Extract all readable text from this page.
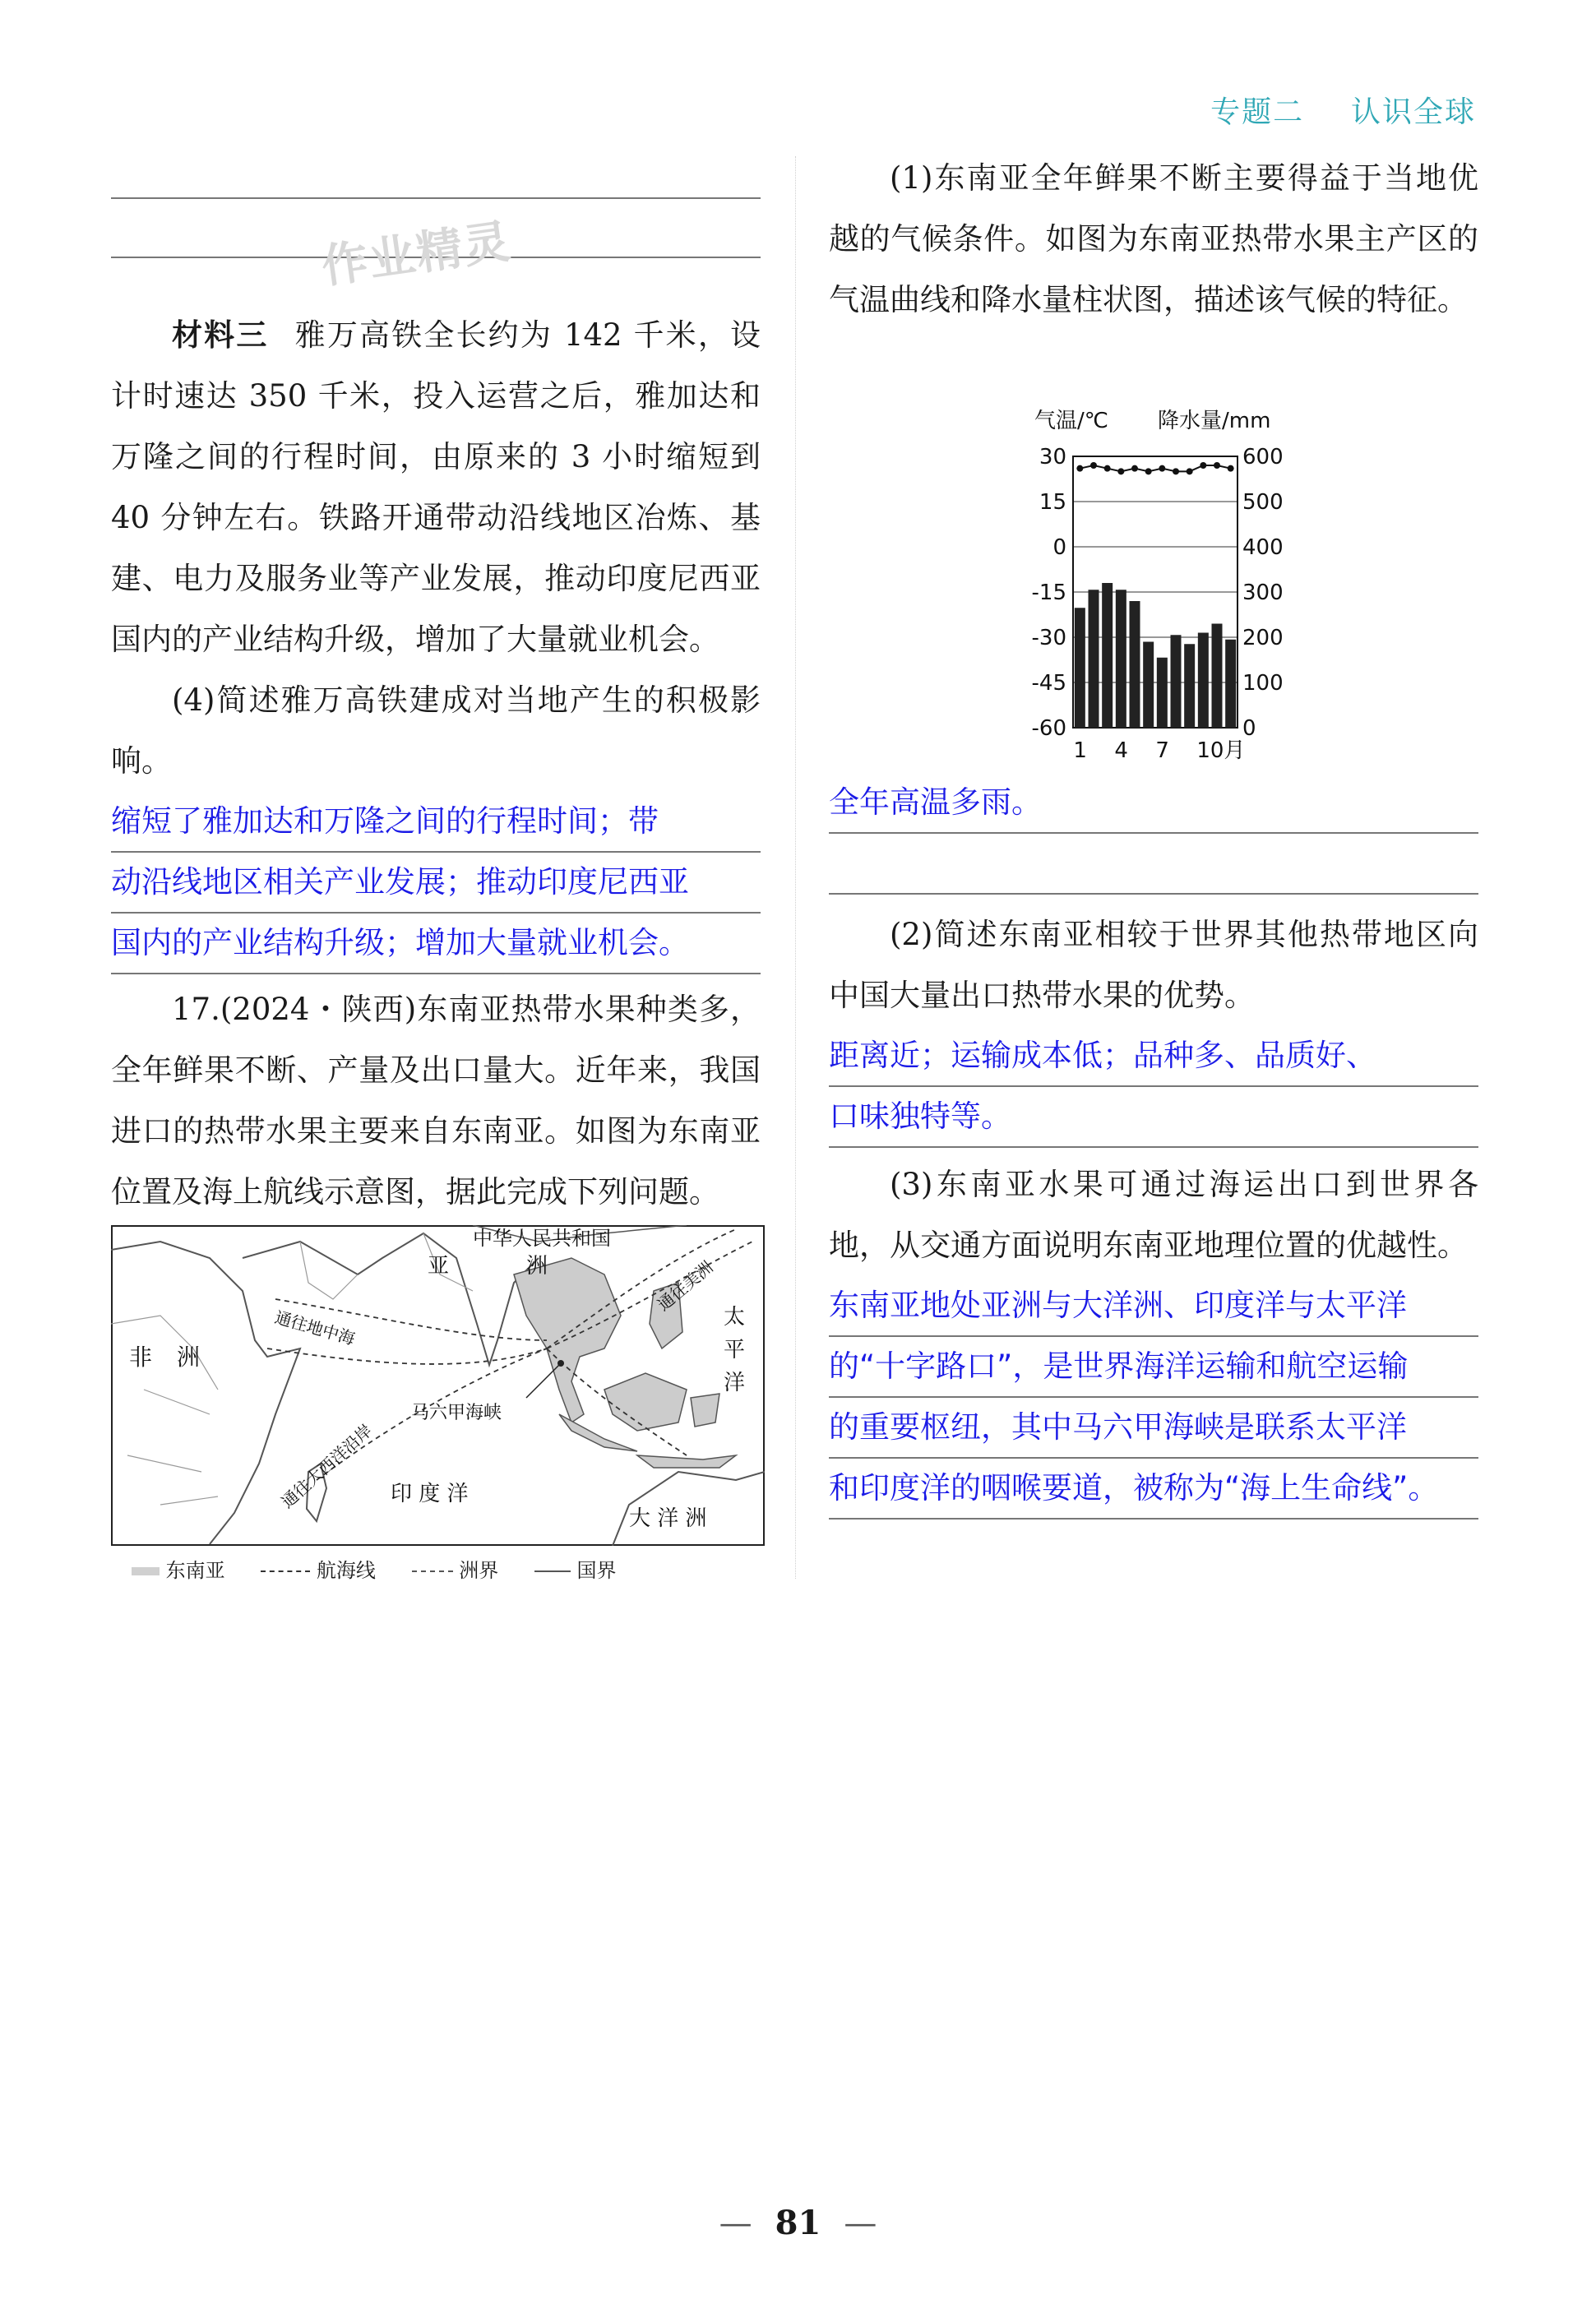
专题二 认识全球
作业精灵

材料三 雅万高铁全长约为 142 千米，设计时速达 350 千米，投入运营之后，雅加达和万隆之间的行程时间，由原来的 3 小时缩短到 40 分钟左右。铁路开通带动沿线地区冶炼、基建、电力及服务业等产业发展，推动印度尼西亚国内的产业结构升级，增加了大量就业机会。

(4)简述雅万高铁建成对当地产生的积极影响。

缩短了雅加达和万隆之间的行程时间；带

动沿线地区相关产业发展；推动印度尼西亚

国内的产业结构升级；增加大量就业机会。

17.(2024・陕西)东南亚热带水果种类多，全年鲜果不断、产量及出口量大。近年来，我国进口的热带水果主要来自东南亚。如图为东南亚位置及海上航线示意图，据此完成下列问题。

中华人民共和国
亚	洲
非 洲
通往地中海
通往大西洋沿岸
通往美洲
太
平
洋
马六甲海峡
印 度 洋
大 洋 洲
东南亚	航海线	洲界	国界

(1)东南亚全年鲜果不断主要得益于当地优越的气候条件。如图为东南亚热带水果主产区的气温曲线和降水量柱状图，描述该气候的特征。

气温/℃ 降水量/mm
30	600
15	500
0	400
-15	300
-30	200
-45	100
-60	0
1 4 7 10月

全年高温多雨。

(2)简述东南亚相较于世界其他热带地区向中国大量出口热带水果的优势。

距离近；运输成本低；品种多、品质好、

口味独特等。

(3)东南亚水果可通过海运出口到世界各地，从交通方面说明东南亚地理位置的优越性。

东南亚地处亚洲与大洋洲、印度洋与太平洋

的“十字路口”，是世界海洋运输和航空运输

的重要枢纽，其中马六甲海峡是联系太平洋

和印度洋的咽喉要道，被称为“海上生命线”。

— 81 —
